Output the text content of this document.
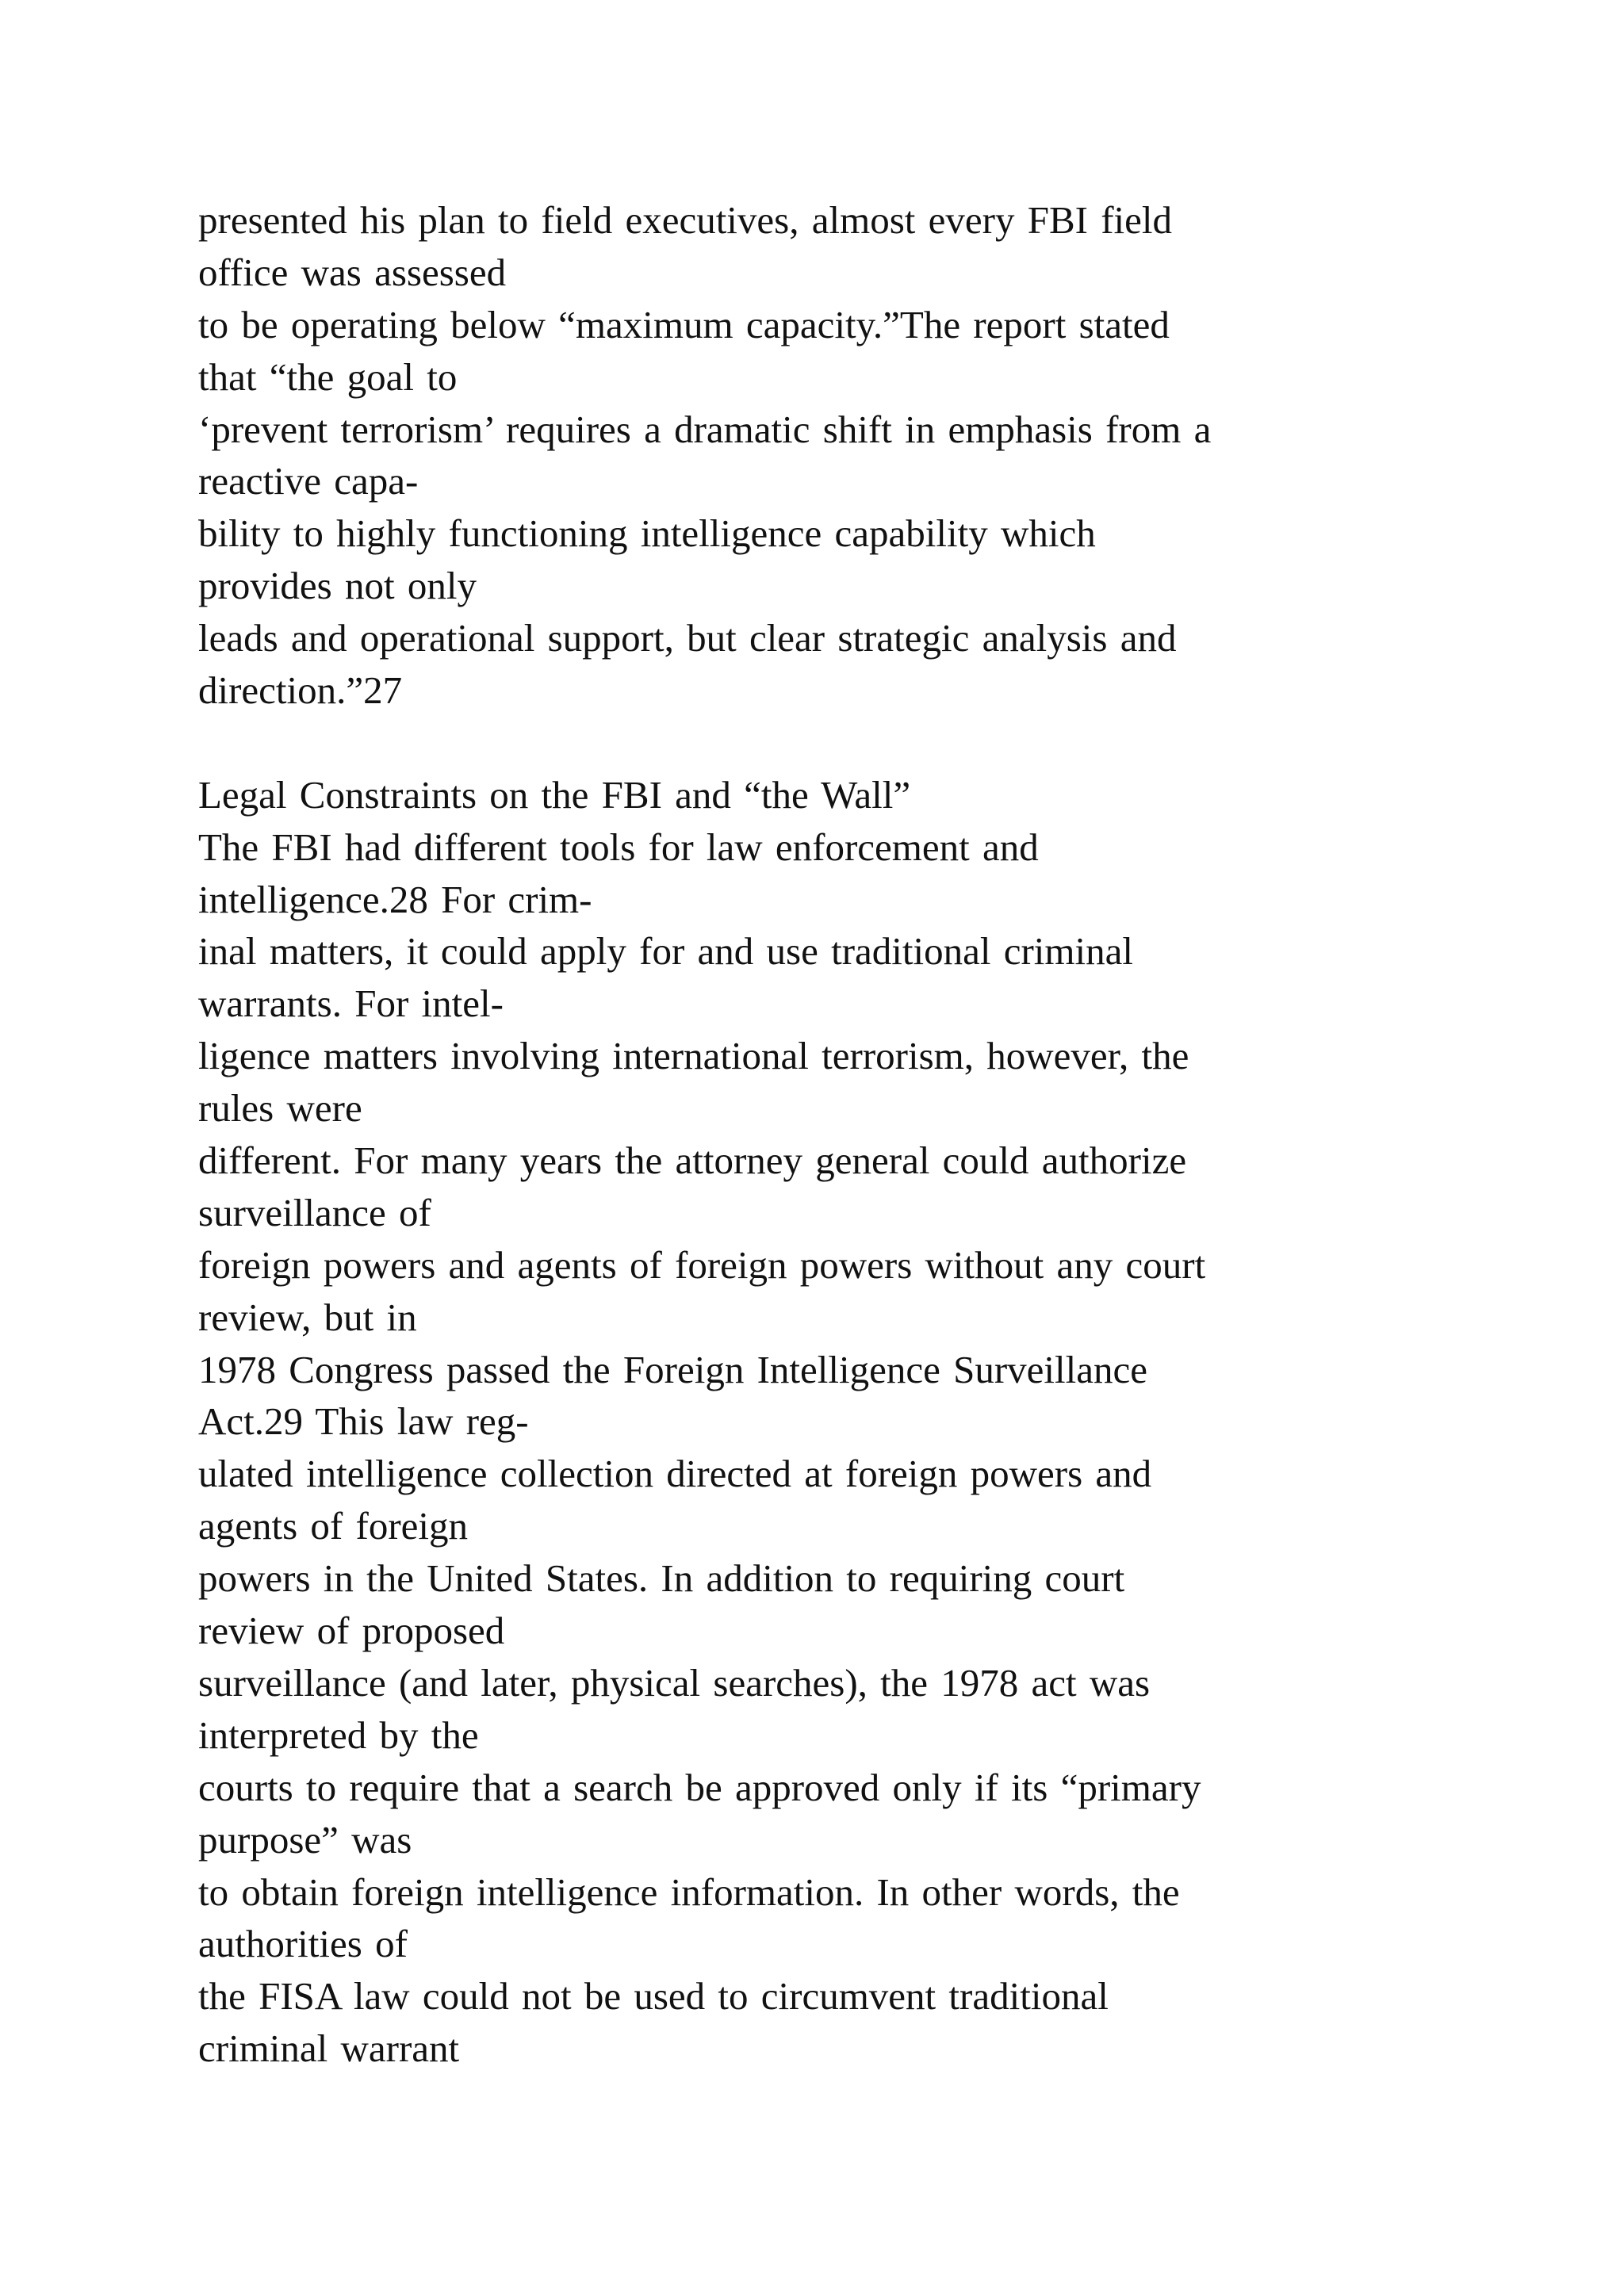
presented his plan to field executives, almost every FBI field
office was assessed
to be operating below “maximum capacity.”The report stated
that “the goal to
‘prevent terrorism’ requires a dramatic shift in emphasis from a
reactive capa-
bility to highly functioning intelligence capability which
provides not only
leads and operational support, but clear strategic analysis and
direction.”27
Legal Constraints on the FBI and “the Wall”
The FBI had different tools for law enforcement and
intelligence.28 For crim-
inal matters, it could apply for and use traditional criminal
warrants. For intel-
ligence matters involving international terrorism, however, the
rules were
different. For many years the attorney general could authorize
surveillance of
foreign powers and agents of foreign powers without any court
review, but in
1978 Congress passed the Foreign Intelligence Surveillance
Act.29 This law reg-
ulated intelligence collection directed at foreign powers and
agents of foreign
powers in the United States. In addition to requiring court
review of proposed
surveillance (and later, physical searches), the 1978 act was
interpreted by the
courts to require that a search be approved only if its “primary
purpose” was
to obtain foreign intelligence information. In other words, the
authorities of
the FISA law could not be used to circumvent traditional
criminal warrant
